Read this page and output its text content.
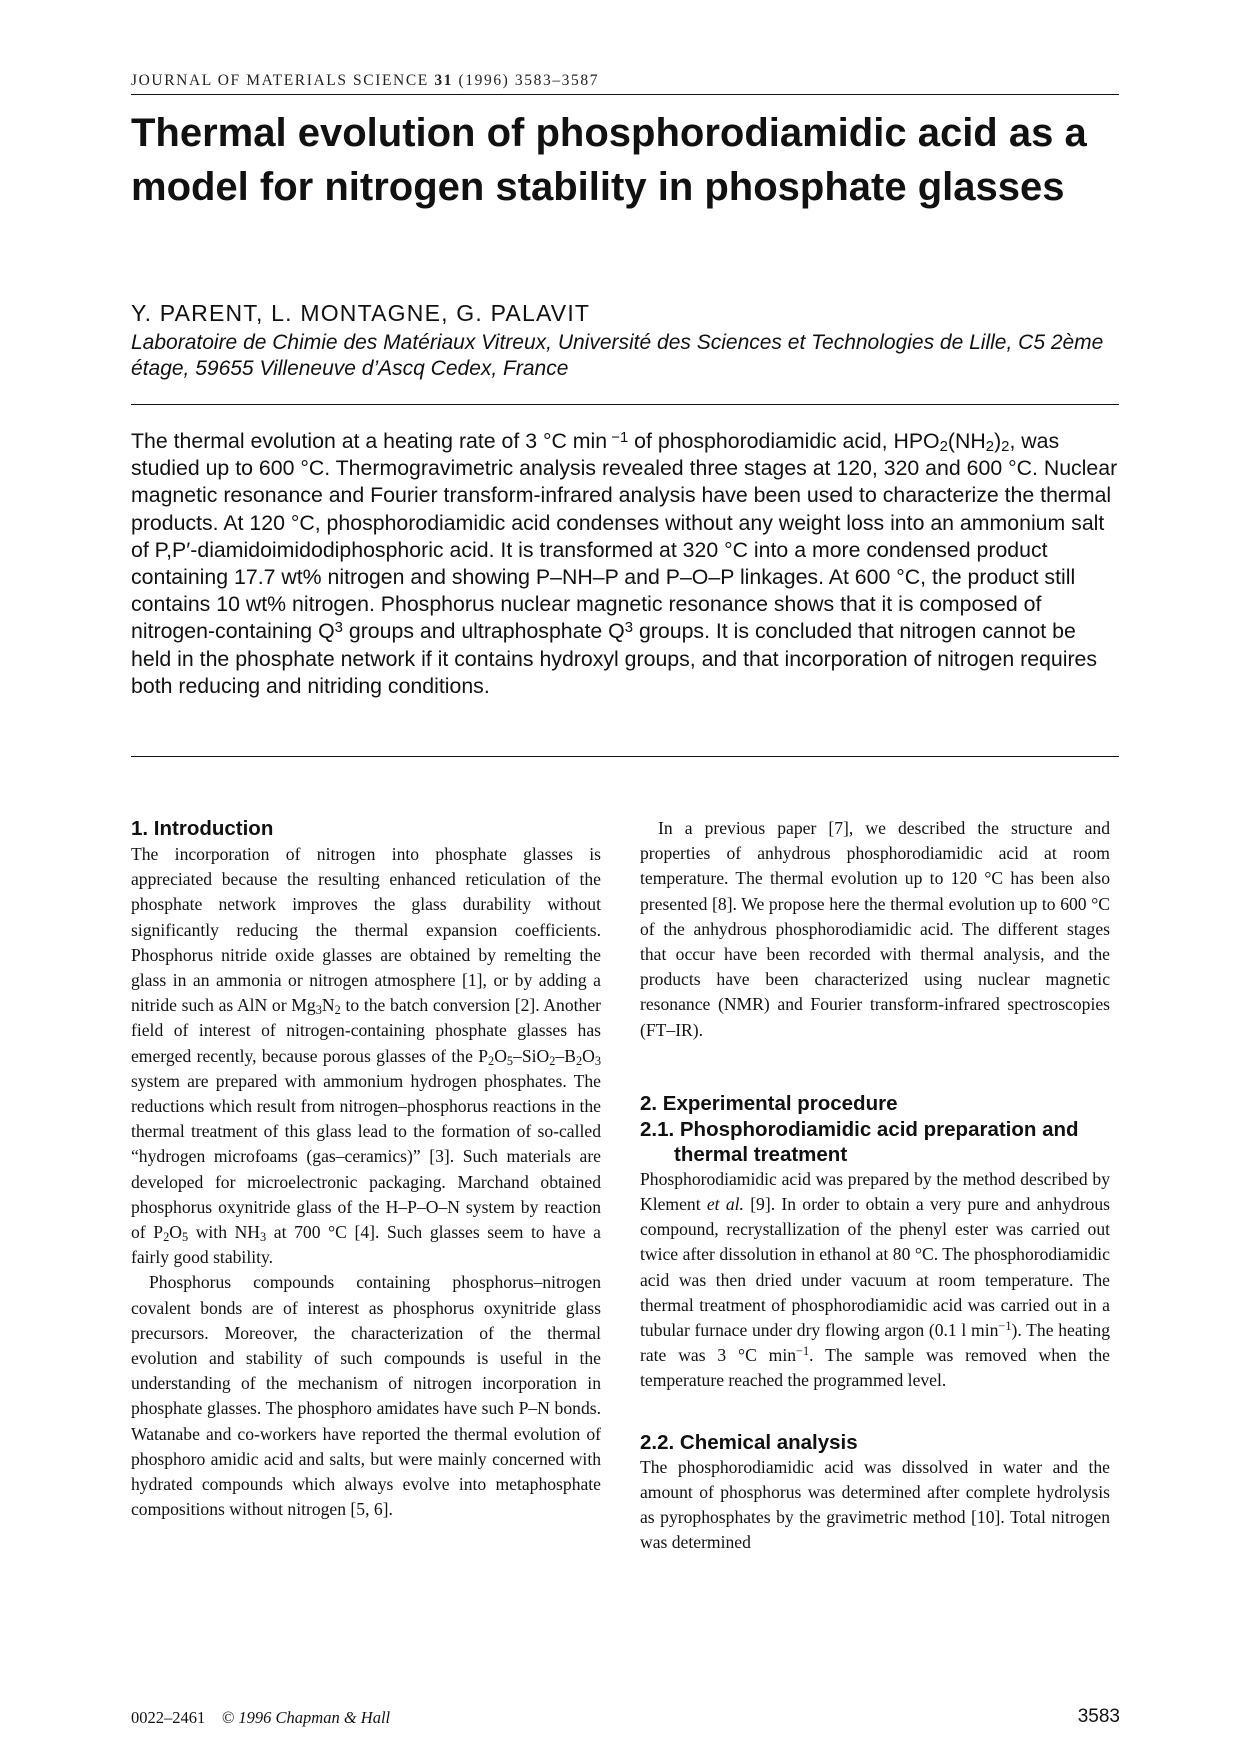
JOURNAL OF MATERIALS SCIENCE 31 (1996) 3583–3587
Thermal evolution of phosphorodiamidic acid as a model for nitrogen stability in phosphate glasses
Y. PARENT, L. MONTAGNE, G. PALAVIT
Laboratoire de Chimie des Matériaux Vitreux, Université des Sciences et Technologies de Lille, C5 2ème étage, 59655 Villeneuve d’Ascq Cedex, France

The thermal evolution at a heating rate of 3 °C min $^{-1}$ of phosphorodiamidic acid, $HPO_2(NH_2)_2$, was studied up to 600 °C. Thermogravimetric analysis revealed three stages at 120, 320 and 600 °C. Nuclear magnetic resonance and Fourier transform-infrared analysis have been used to characterize the thermal products. At 120 °C, phosphorodiamidic acid condenses without any weight loss into an ammonium salt of P,P′-diamidoimidodiphosphoric acid. It is transformed at 320 °C into a more condensed product containing 17.7 wt% nitrogen and showing P–NH–P and P–O–P linkages. At 600 °C, the product still contains 10 wt% nitrogen. Phosphorus nuclear magnetic resonance shows that it is composed of nitrogen-containing $Q^3$ groups and ultraphosphate $Q^3$ groups. It is concluded that nitrogen cannot be held in the phosphate network if it contains hydroxyl groups, and that incorporation of nitrogen requires both reducing and nitriding conditions.

1. Introduction

The incorporation of nitrogen into phosphate glasses is appreciated because the resulting enhanced reticulation of the phosphate network improves the glass durability without significantly reducing the thermal expansion coefficients. Phosphorus nitride oxide glasses are obtained by remelting the glass in an ammonia or nitrogen atmosphere [1], or by adding a nitride such as AlN or $Mg_3N_2$ to the batch conversion [2]. Another field of interest of nitrogen-containing phosphate glasses has emerged recently, because porous glasses of the $P_2O_5-SiO_2-B_2O_3$ system are prepared with ammonium hydrogen phosphates. The reductions which result from nitrogen–phosphorus reactions in the thermal treatment of this glass lead to the formation of so-called “hydrogen microfoams (gas–ceramics)” [3]. Such materials are developed for microelectronic packaging. Marchand obtained phosphorus oxynitride glass of the H–P–O–N system by reaction of $P_2O_5$ with $NH_3$ at 700 °C [4]. Such glasses seem to have a fairly good stability.

Phosphorus compounds containing phosphorus–nitrogen covalent bonds are of interest as phosphorus oxynitride glass precursors. Moreover, the characterization of the thermal evolution and stability of such compounds is useful in the understanding of the mechanism of nitrogen incorporation in phosphate glasses. The phosphoro amidates have such P–N bonds. Watanabe and co-workers have reported the thermal evolution of phosphoro amidic acid and salts, but were mainly concerned with hydrated compounds which always evolve into metaphosphate compositions without nitrogen [5, 6].

In a previous paper [7], we described the structure and properties of anhydrous phosphorodiamidic acid at room temperature. The thermal evolution up to 120 °C has been also presented [8]. We propose here the thermal evolution up to 600 °C of the anhydrous phosphorodiamidic acid. The different stages that occur have been recorded with thermal analysis, and the products have been characterized using nuclear magnetic resonance (NMR) and Fourier transform-infrared spectroscopies (FT–IR).

2. Experimental procedure
2.1. Phosphorodiamidic acid preparation and thermal treatment

Phosphorodiamidic acid was prepared by the method described by Klement et al. [9]. In order to obtain a very pure and anhydrous compound, recrystallization of the phenyl ester was carried out twice after dissolution in ethanol at 80 °C. The phosphorodiamidic acid was then dried under vacuum at room temperature. The thermal treatment of phosphorodiamidic acid was carried out in a tubular furnace under dry flowing argon (0.1 l $\min^{-1}$). The heating rate was 3 °C $\min^{-1}$. The sample was removed when the temperature reached the programmed level.

2.2. Chemical analysis

The phosphorodiamidic acid was dissolved in water and the amount of phosphorus was determined after complete hydrolysis as pyrophosphates by the gravimetric method [10]. Total nitrogen was determined

0022–2461 © 1996 Chapman & Hall	3583
